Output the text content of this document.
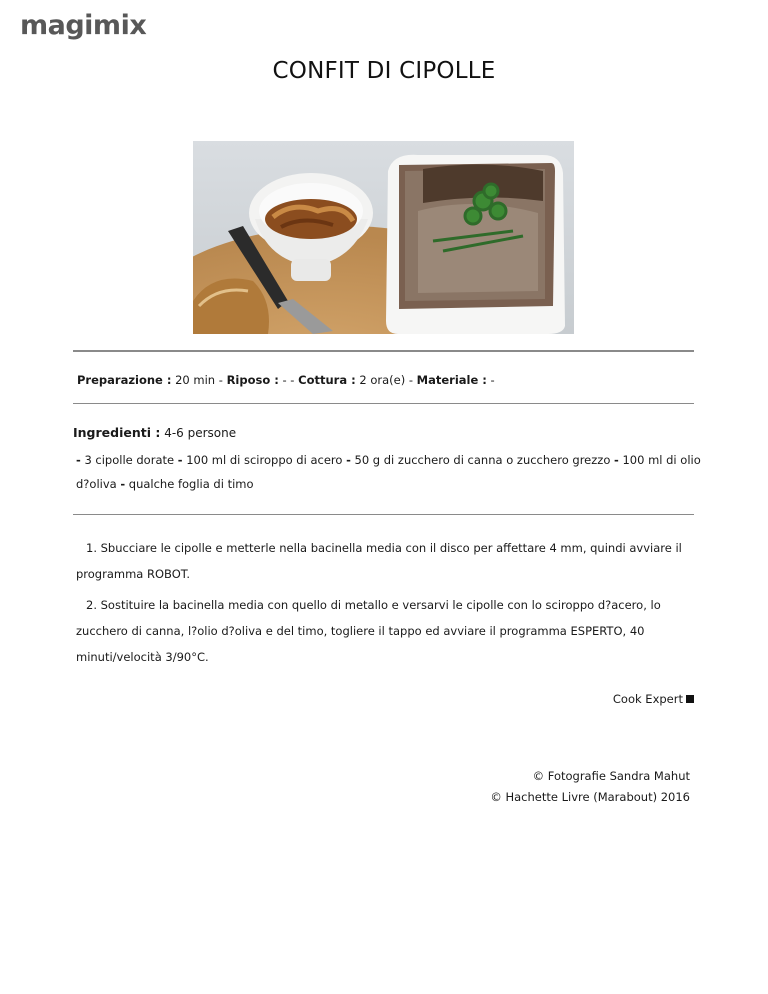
magimix
CONFIT DI CIPOLLE
Preparazione : 20 min - Riposo : - - Cottura : 2 ora(e) - Materiale : -
Ingredienti : 4-6 persone
- 3 cipolle dorate - 100 ml di sciroppo di acero - 50 g di zucchero di canna o zucchero grezzo - 100 ml di olio d?oliva - qualche foglia di timo
1. Sbucciare le cipolle e metterle nella bacinella media con il disco per affettare 4 mm, quindi avviare il programma ROBOT.
2. Sostituire la bacinella media con quello di metallo e versarvi le cipolle con lo sciroppo d?acero, lo zucchero di canna, l?olio d?oliva e del timo, togliere il tappo ed avviare il programma ESPERTO, 40 minuti/velocità 3/90°C.
Cook Expert
© Fotografie Sandra Mahut
© Hachette Livre (Marabout) 2016
